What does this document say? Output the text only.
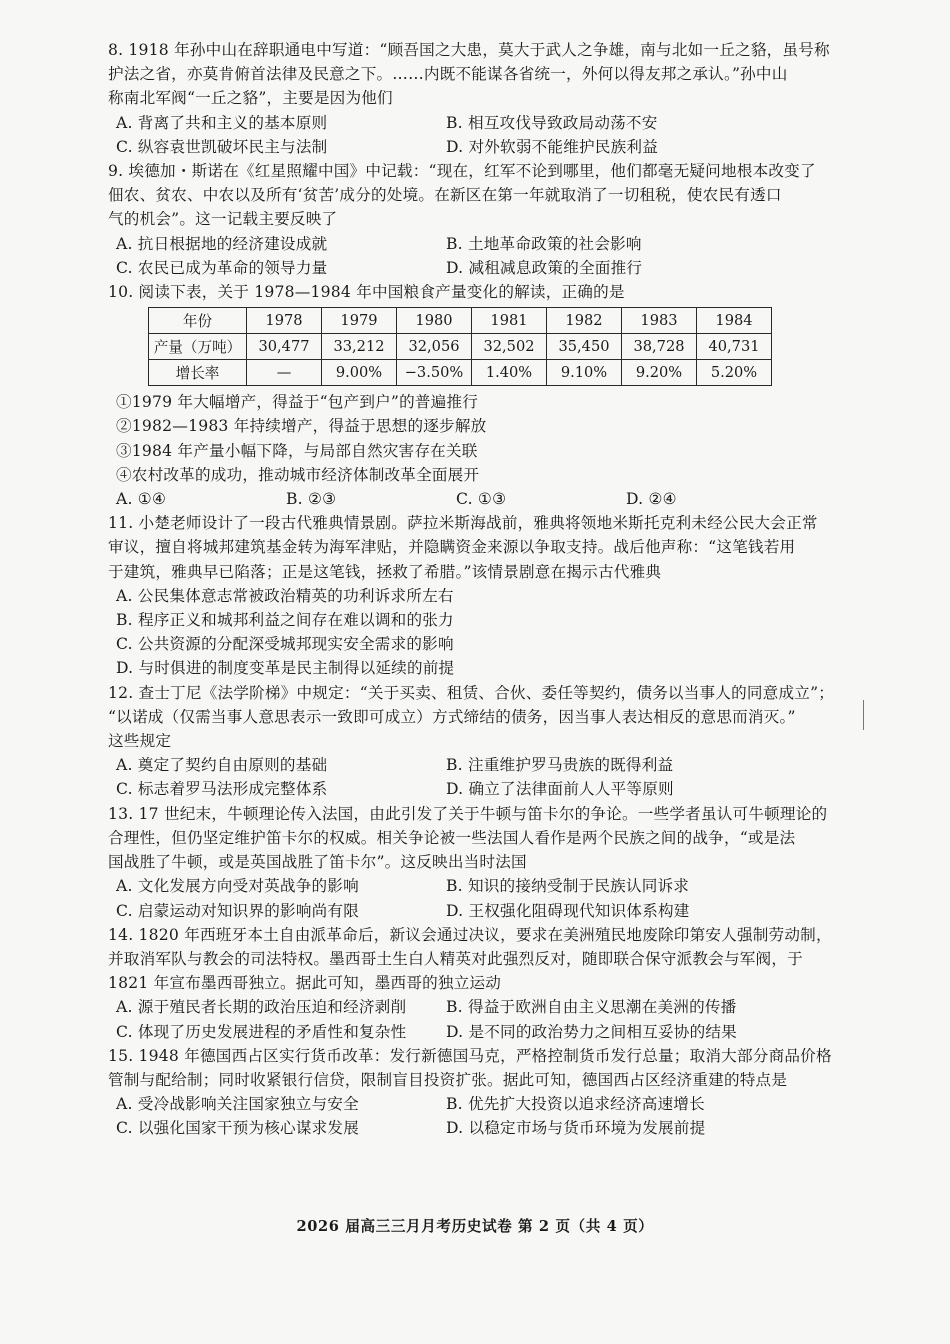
8. 1918 年孙中山在辞职通电中写道：“顾吾国之大患，莫大于武人之争雄，南与北如一丘之貉，虽号称
护法之省，亦莫肯俯首法律及民意之下。……内既不能谋各省统一，外何以得友邦之承认。”孙中山
称南北军阀“一丘之貉”，主要是因为他们
A. 背离了共和主义的基本原则	B. 相互攻伐导致政局动荡不安
C. 纵容袁世凯破坏民主与法制	D. 对外软弱不能维护民族利益
9. 埃德加・斯诺在《红星照耀中国》中记载：“现在，红军不论到哪里，他们都毫无疑问地根本改变了
佃农、贫农、中农以及所有‘贫苦’成分的处境。在新区在第一年就取消了一切租税，使农民有透口
气的机会”。这一记载主要反映了
A. 抗日根据地的经济建设成就	B. 土地革命政策的社会影响
C. 农民已成为革命的领导力量	D. 减租减息政策的全面推行
10. 阅读下表，关于 1978—1984 年中国粮食产量变化的解读，正确的是
年份	1978	1979	1980	1981	1982	1983	1984
产量（万吨）	30,477	33,212	32,056	32,502	35,450	38,728	40,731
增长率	—	9.00%	−3.50%	1.40%	9.10%	9.20%	5.20%
①1979 年大幅增产，得益于“包产到户”的普遍推行
②1982—1983 年持续增产，得益于思想的逐步解放
③1984 年产量小幅下降，与局部自然灾害存在关联
④农村改革的成功，推动城市经济体制改革全面展开
A. ①④	B. ②③	C. ①③	D. ②④
11. 小楚老师设计了一段古代雅典情景剧。萨拉米斯海战前，雅典将领地米斯托克利未经公民大会正常
审议，擅自将城邦建筑基金转为海军津贴，并隐瞒资金来源以争取支持。战后他声称：“这笔钱若用
于建筑，雅典早已陷落；正是这笔钱，拯救了希腊。”该情景剧意在揭示古代雅典
A. 公民集体意志常被政治精英的功利诉求所左右
B. 程序正义和城邦利益之间存在难以调和的张力
C. 公共资源的分配深受城邦现实安全需求的影响
D. 与时俱进的制度变革是民主制得以延续的前提
12. 查士丁尼《法学阶梯》中规定：“关于买卖、租赁、合伙、委任等契约，债务以当事人的同意成立”；
“以诺成（仅需当事人意思表示一致即可成立）方式缔结的债务，因当事人表达相反的意思而消灭。”
这些规定
A. 奠定了契约自由原则的基础	B. 注重维护罗马贵族的既得利益
C. 标志着罗马法形成完整体系	D. 确立了法律面前人人平等原则
13. 17 世纪末，牛顿理论传入法国，由此引发了关于牛顿与笛卡尔的争论。一些学者虽认可牛顿理论的
合理性，但仍坚定维护笛卡尔的权威。相关争论被一些法国人看作是两个民族之间的战争，“或是法
国战胜了牛顿，或是英国战胜了笛卡尔”。这反映出当时法国
A. 文化发展方向受对英战争的影响	B. 知识的接纳受制于民族认同诉求
C. 启蒙运动对知识界的影响尚有限	D. 王权强化阻碍现代知识体系构建
14. 1820 年西班牙本土自由派革命后，新议会通过决议，要求在美洲殖民地废除印第安人强制劳动制，
并取消军队与教会的司法特权。墨西哥土生白人精英对此强烈反对，随即联合保守派教会与军阀，于
1821 年宣布墨西哥独立。据此可知，墨西哥的独立运动
A. 源于殖民者长期的政治压迫和经济剥削	B. 得益于欧洲自由主义思潮在美洲的传播
C. 体现了历史发展进程的矛盾性和复杂性	D. 是不同的政治势力之间相互妥协的结果
15. 1948 年德国西占区实行货币改革：发行新德国马克，严格控制货币发行总量；取消大部分商品价格
管制与配给制；同时收紧银行信贷，限制盲目投资扩张。据此可知，德国西占区经济重建的特点是
A. 受冷战影响关注国家独立与安全	B. 优先扩大投资以追求经济高速增长
C. 以强化国家干预为核心谋求发展	D. 以稳定市场与货币环境为发展前提
2026 届高三三月月考历史试卷 第 2 页（共 4 页）
